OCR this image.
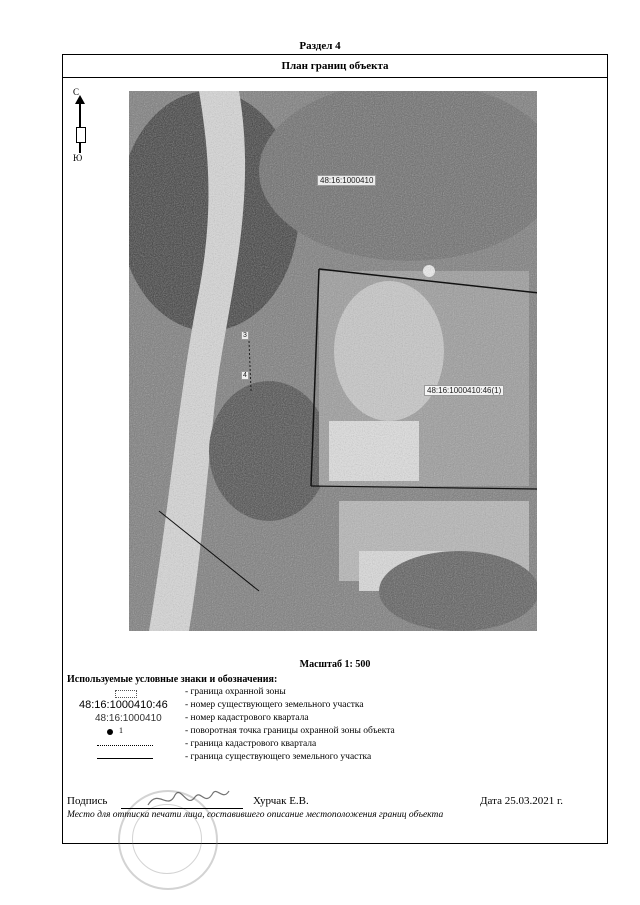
Раздел 4
План границ объекта
С
Ю
48:16:1000410
48:16:1000410:46(1)
3
4
Масштаб 1: 500
Используемые условные знаки и обозначения:
- граница охранной зоны
48:16:1000410:46 - номер существующего земельного участка
48:16:1000410 - номер кадастрового квартала
1	- поворотная точка границы охранной зоны объекта
- граница кадастрового квартала
- граница существующего земельного участка
Подпись	Хурчак Е.В.	Дата 25.03.2021 г.
Место для оттиска печати лица, составившего описание местоположения границ объекта
